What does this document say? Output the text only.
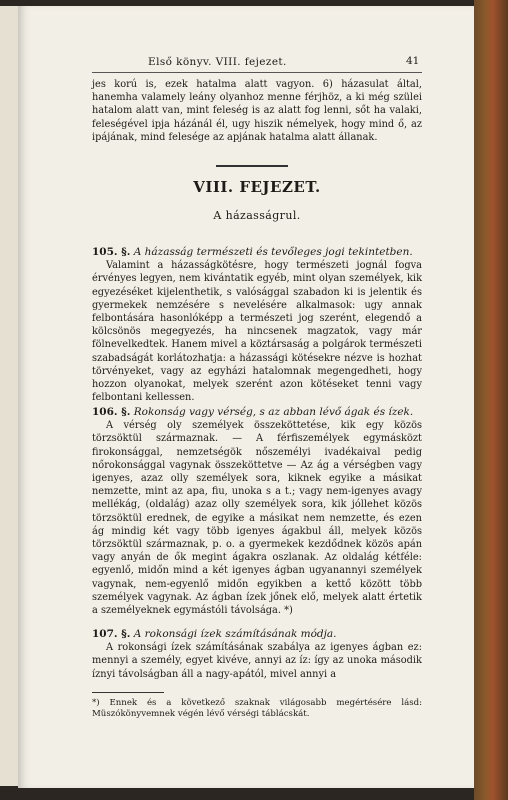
Első könyv. VIII. fejezet.	41

jes korú is, ezek hatalma alatt vagyon. 6) házasulat által, hanemha valamely leány olyanhoz menne férjhöz, a ki még szülei hatalom alatt van, mint feleség is az alatt fog lenni, sőt ha valaki, feleségével ipja házánál él, ugy hiszik némelyek, hogy mind ő, az ipájának, mind felesége az apjának hatalma alatt állanak.

VIII. FEJEZET.
A házasságrul.

105. §. A házasság természeti és tevőleges jogi tekintetben.

Valamint a házasságkötésre, hogy természeti jognál fogva érvényes legyen, nem kivántatik egyéb, mint olyan személyek, kik egyezéséket kijelenthetik, s valósággal szabadon ki is jelentik és gyermekek nemzésére s nevelésére alkalmasok: ugy annak felbontására hasonlóképp a természeti jog szerént, elegendő a kölcsönös megegyezés, ha nincsenek magzatok, vagy már fölnevelkedtek. Hanem mivel a köztársaság a polgárok természeti szabadságát korlátozhatja: a házassági kötésekre nézve is hozhat törvényeket, vagy az egyházi hatalomnak megengedheti, hogy hozzon olyanokat, melyek szerént azon kötéseket tenni vagy felbontani kellessen.

106. §. Rokonság vagy vérség, s az abban lévő ágak és ízek.

A vérség oly személyek összeköttetése, kik egy közös törzsöktül származnak. — A férfiszemélyek egymásközt firokonsággal, nemzetségök nőszemélyi ivadékaival pedig nőrokonsággal vagynak összeköttetve — Az ág a vérségben vagy igenyes, azaz olly személyek sora, kiknek egyike a másikat nemzette, mint az apa, fiu, unoka s a t.; vagy nem-igenyes avagy mellékág, (oldalág) azaz olly személyek sora, kik jóllehet közös törzsöktül erednek, de egyike a másikat nem nemzette, és ezen ág mindig két vagy több igenyes ágakbul áll, melyek közös törzsöktül származnak, p. o. a gyermekek kezdődnek közös apán vagy anyán de ők megint ágakra oszlanak. Az oldalág kétféle: egyenlő, midőn mind a két igenyes ágban ugyanannyi személyek vagynak, nem-egyenlő midőn egyikben a kettő között több személyek vagynak. Az ágban ízek jőnek elő, melyek alatt értetik a személyeknek egymástóli távolsága. *)

107. §. A rokonsági ízek számításának módja.

A rokonsági ízek számításának szabálya az igenyes ágban ez: mennyi a személy, egyet kivéve, annyi az íz: így az unoka második íznyi távolságban áll a nagy-apától, mivel annyi a

*) Ennek és a következő szaknak világosabb megértésére lásd: Müszókönyvemnek végén lévő vérségi táblácskát.
